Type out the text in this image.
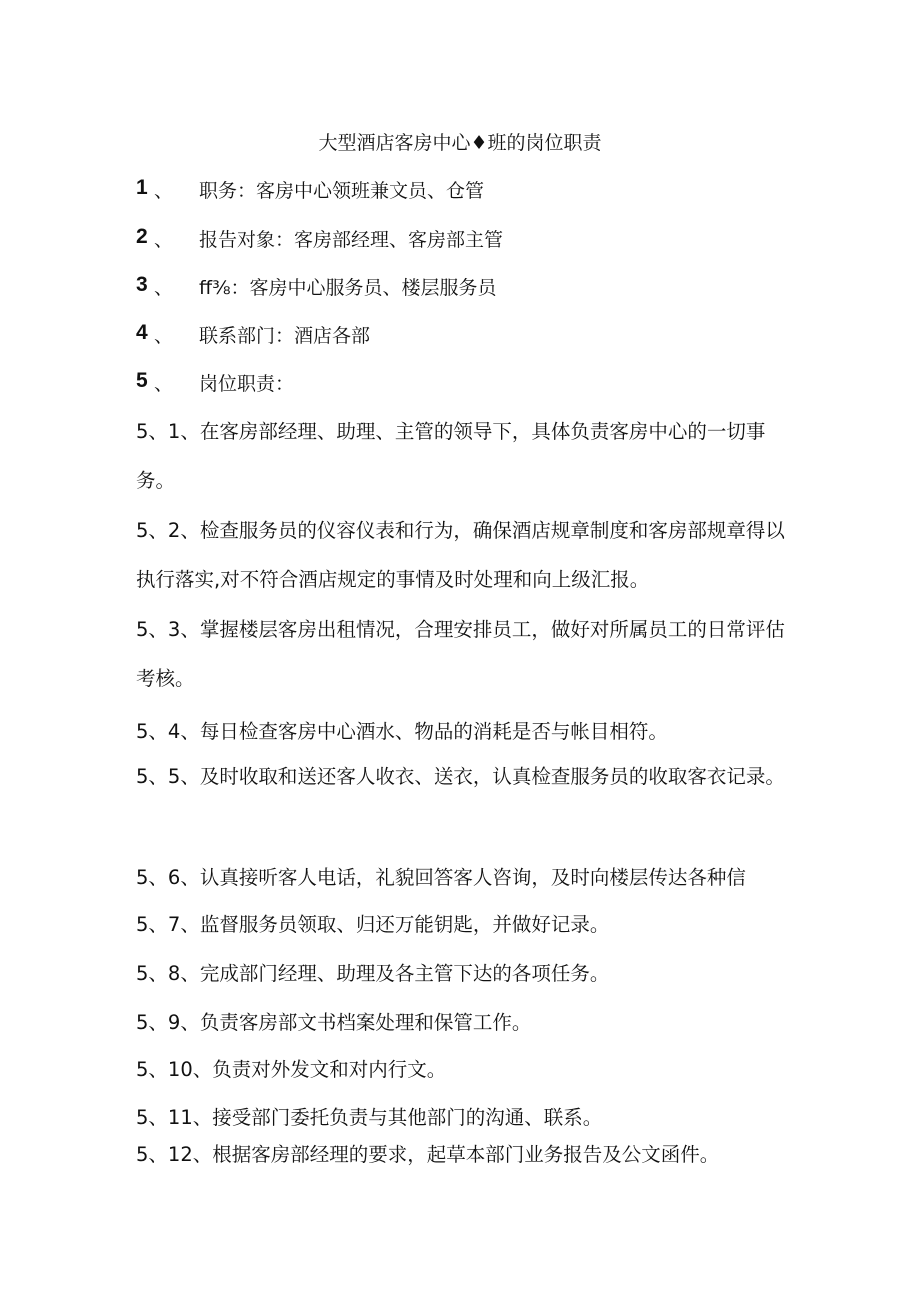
大型酒店客房中心♦班的岗位职责
1 、 职务：客房中心领班兼文员、仓管
2 、 报告对象：客房部经理、客房部主管
3 、 ff⅜：客房中心服务员、楼层服务员
4 、 联系部门：酒店各部
5 、 岗位职责：
5、1、在客房部经理、助理、主管的领导下，具体负责客房中心的一切事务。
5、2、检查服务员的仪容仪表和行为，确保酒店规章制度和客房部规章得以执行落实,对不符合酒店规定的事情及时处理和向上级汇报。
5、3、掌握楼层客房出租情况，合理安排员工，做好对所属员工的日常评估考核。
5、4、每日检查客房中心酒水、物品的消耗是否与帐目相符。
5、5、及时收取和送还客人收衣、送衣，认真检查服务员的收取客衣记录。
5、6、认真接听客人电话，礼貌回答客人咨询，及时向楼层传达各种信
5、7、监督服务员领取、归还万能钥匙，并做好记录。
5、8、完成部门经理、助理及各主管下达的各项任务。
5、9、负责客房部文书档案处理和保管工作。
5、10、负责对外发文和对内行文。
5、11、接受部门委托负责与其他部门的沟通、联系。
5、12、根据客房部经理的要求，起草本部门业务报告及公文函件。
